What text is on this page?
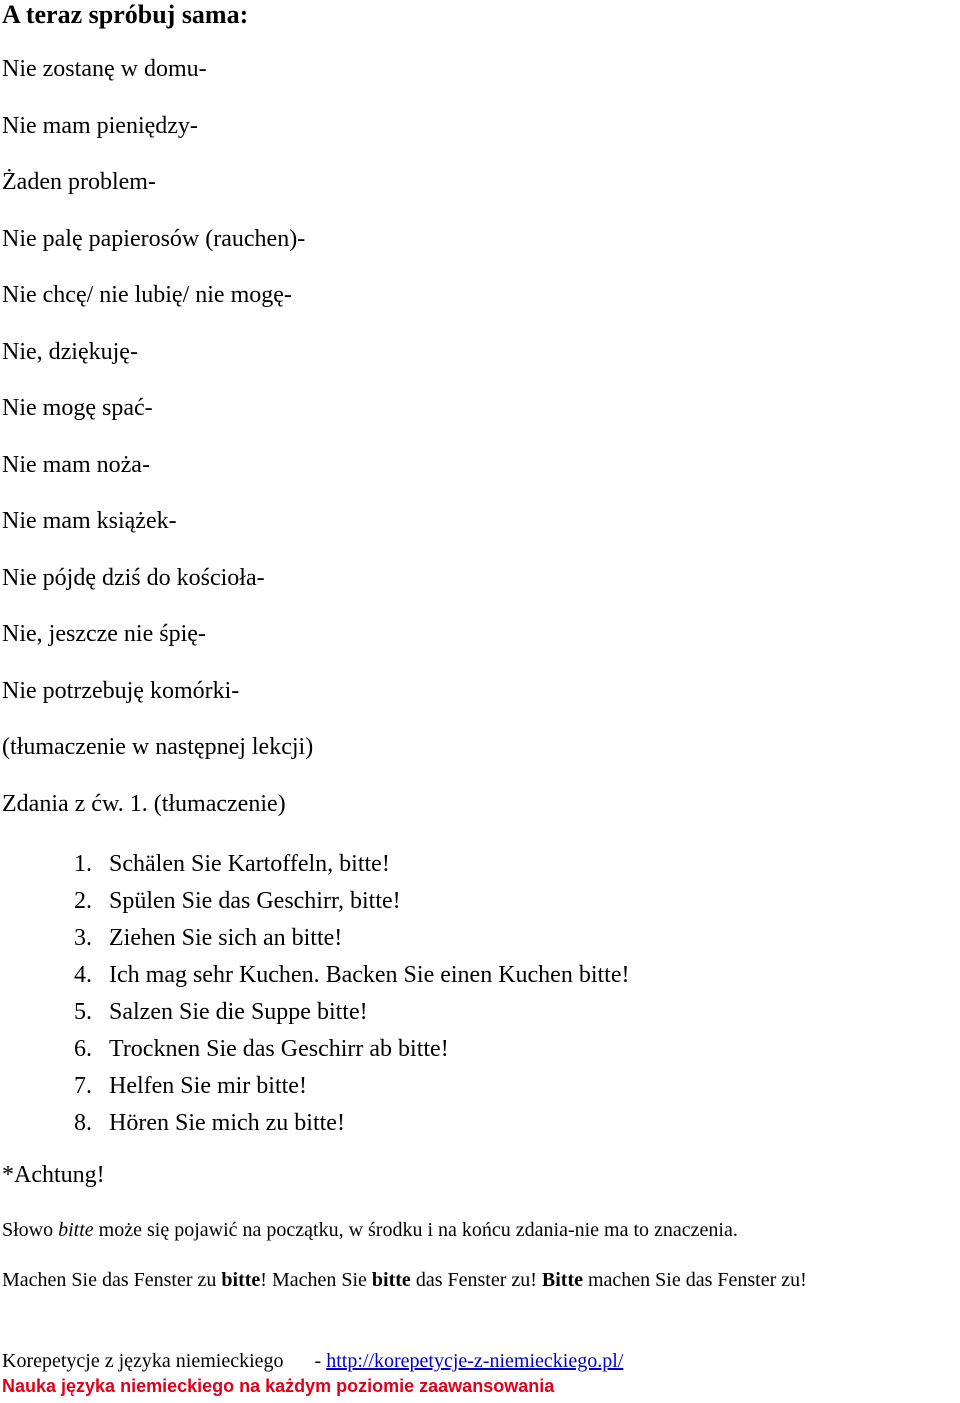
A teraz spróbuj sama:
Nie zostanę w domu-
Nie mam pieniędzy-
Żaden problem-
Nie palę papierosów (rauchen)-
Nie chcę/ nie lubię/ nie mogę-
Nie, dziękuję-
Nie mogę spać-
Nie mam noża-
Nie mam książek-
Nie pójdę dziś do kościoła-
Nie, jeszcze nie śpię-
Nie potrzebuję komórki-
(tłumaczenie w następnej lekcji)
Zdania z ćw. 1. (tłumaczenie)
1. Schälen Sie Kartoffeln, bitte!
2. Spülen Sie das Geschirr, bitte!
3. Ziehen Sie sich an bitte!
4. Ich mag sehr Kuchen. Backen Sie einen Kuchen bitte!
5. Salzen Sie die Suppe bitte!
6. Trocknen Sie das Geschirr ab bitte!
7. Helfen Sie mir bitte!
8. Hören Sie mich zu bitte!
*Achtung!
Słowo bitte może się pojawić na początku, w środku i na końcu zdania-nie ma to znaczenia.
Machen Sie das Fenster zu bitte! Machen Sie bitte das Fenster zu! Bitte machen Sie das Fenster zu!
Korepetycje z języka niemieckiego - http://korepetycje-z-niemieckiego.pl/
Nauka języka niemieckiego na każdym poziomie zaawansowania
